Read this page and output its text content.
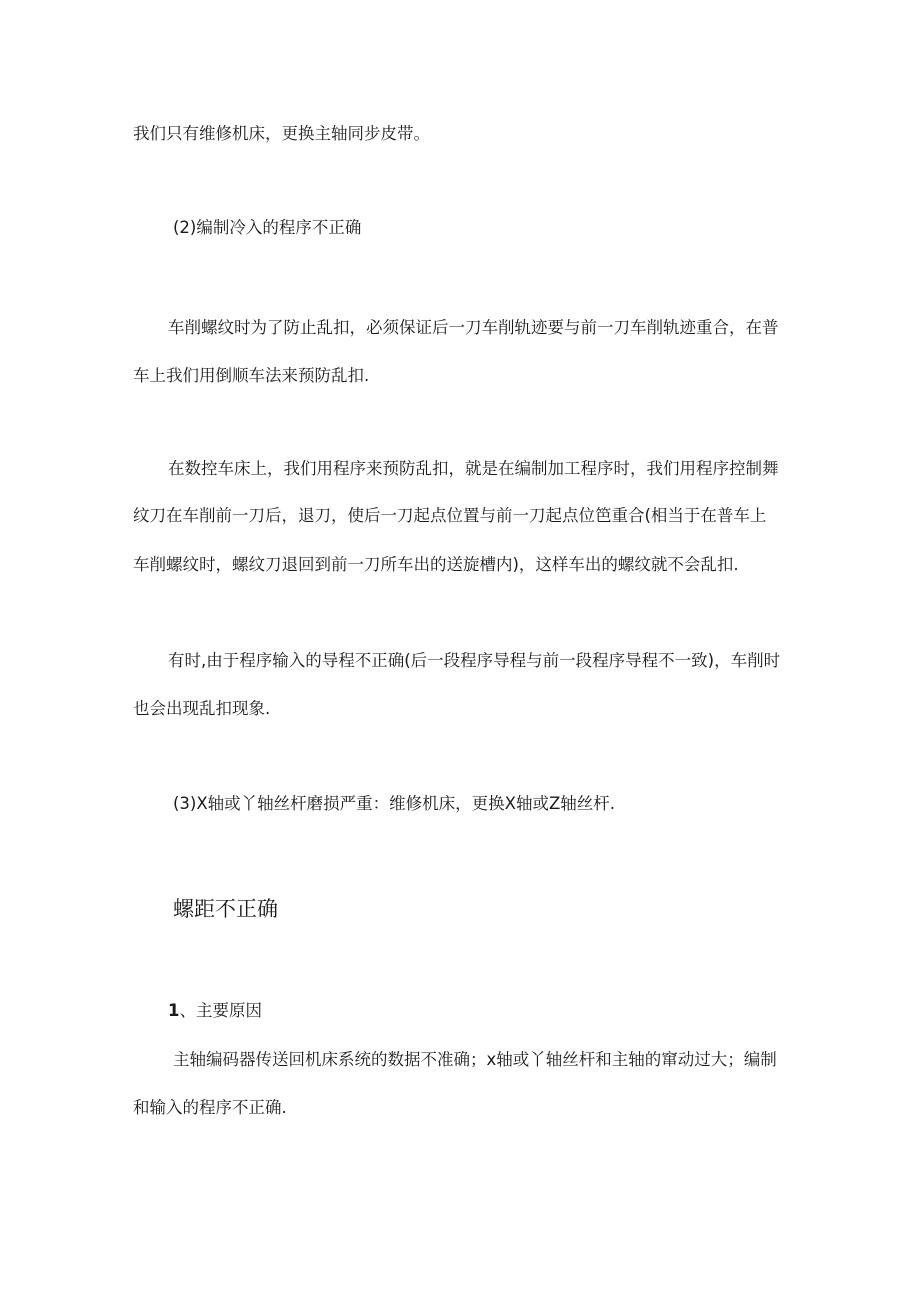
我们只有维修机床，更换主轴同步皮带。
(2)编制冷入的程序不正确
车削螺纹时为了防止乱扣，必须保证后一刀车削轨迹要与前一刀车削轨迹重合，在普
车上我们用倒顺车法来预防乱扣.
在数控车床上，我们用程序来预防乱扣，就是在编制加工程序时，我们用程序控制舞
纹刀在车削前一刀后，退刀，使后一刀起点位置与前一刀起点位笆重合(相当于在普车上
车削螺纹时，螺纹刀退回到前一刀所车出的送旋槽内)，这样车出的螺纹就不会乱扣.
有时,由于程序输入的导程不正确(后一段程序导程与前一段程序导程不一致)，车削时
也会出现乱扣现象.
(3)X轴或丫轴丝杆磨损严重：维修机床，更换X轴或Z轴丝杆.
螺距不正确
1、主要原因
主轴编码器传送回机床系统的数据不准确；x轴或丫轴丝杆和主轴的窜动过大；编制
和输入的程序不正确.
